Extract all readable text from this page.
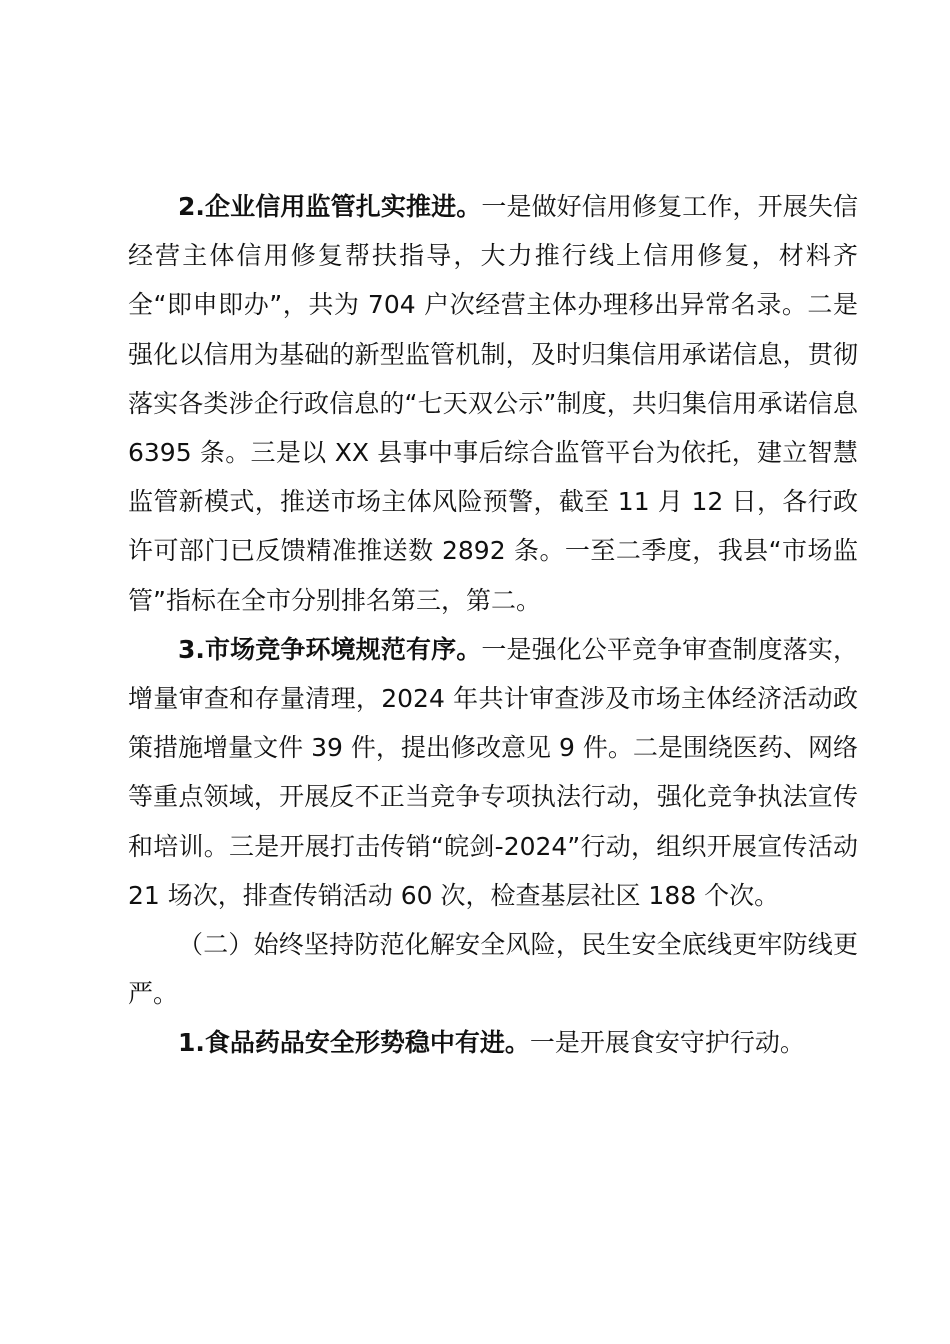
2.企业信用监管扎实推进。一是做好信用修复工作，开展失信经营主体信用修复帮扶指导，大力推行线上信用修复，材料齐全“即申即办”，共为 704 户次经营主体办理移出异常名录。二是强化以信用为基础的新型监管机制，及时归集信用承诺信息，贯彻落实各类涉企行政信息的“七天双公示”制度，共归集信用承诺信息 6395 条。三是以 XX 县事中事后综合监管平台为依托，建立智慧监管新模式，推送市场主体风险预警，截至 11 月 12 日，各行政许可部门已反馈精准推送数 2892 条。一至二季度，我县“市场监管”指标在全市分别排名第三，第二。

3.市场竞争环境规范有序。一是强化公平竞争审查制度落实，增量审查和存量清理，2024 年共计审查涉及市场主体经济活动政策措施增量文件 39 件，提出修改意见 9 件。二是围绕医药、网络等重点领域，开展反不正当竞争专项执法行动，强化竞争执法宣传和培训。三是开展打击传销“皖剑-2024”行动，组织开展宣传活动 21 场次，排查传销活动 60 次，检查基层社区 188 个次。

（二）始终坚持防范化解安全风险，民生安全底线更牢防线更严。

1.食品药品安全形势稳中有进。一是开展食安守护行动。
